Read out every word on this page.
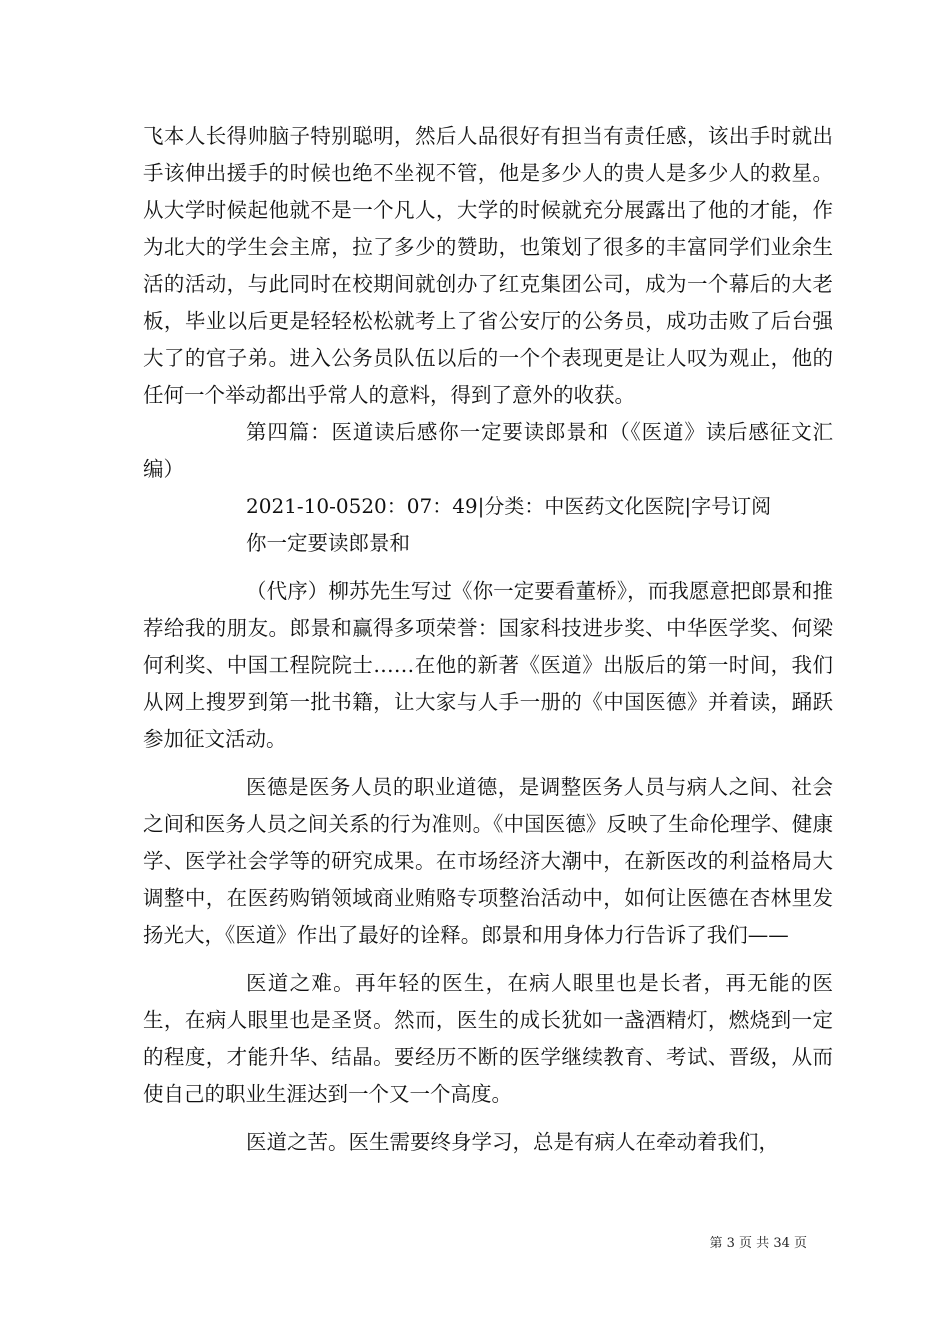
飞本人长得帅脑子特别聪明，然后人品很好有担当有责任感，该出手时就出手该伸出援手的时候也绝不坐视不管，他是多少人的贵人是多少人的救星。从大学时候起他就不是一个凡人，大学的时候就充分展露出了他的才能，作为北大的学生会主席，拉了多少的赞助，也策划了很多的丰富同学们业余生活的活动，与此同时在校期间就创办了红克集团公司，成为一个幕后的大老板，毕业以后更是轻轻松松就考上了省公安厅的公务员，成功击败了后台强大了的官子弟。进入公务员队伍以后的一个个表现更是让人叹为观止，他的任何一个举动都出乎常人的意料，得到了意外的收获。

第四篇：医道读后感你一定要读郎景和（《医道》读后感征文汇编）

2021-10-0520：07：49|分类：中医药文化医院|字号订阅

你一定要读郎景和

（代序）柳苏先生写过《你一定要看董桥》，而我愿意把郎景和推荐给我的朋友。郎景和赢得多项荣誉：国家科技进步奖、中华医学奖、何梁何利奖、中国工程院院士……在他的新著《医道》出版后的第一时间，我们从网上搜罗到第一批书籍，让大家与人手一册的《中国医德》并着读，踊跃参加征文活动。

医德是医务人员的职业道德，是调整医务人员与病人之间、社会之间和医务人员之间关系的行为准则。《中国医德》反映了生命伦理学、健康学、医学社会学等的研究成果。在市场经济大潮中，在新医改的利益格局大调整中，在医药购销领域商业贿赂专项整治活动中，如何让医德在杏林里发扬光大，《医道》作出了最好的诠释。郎景和用身体力行告诉了我们——

医道之难。再年轻的医生，在病人眼里也是长者，再无能的医生，在病人眼里也是圣贤。然而，医生的成长犹如一盏酒精灯，燃烧到一定的程度，才能升华、结晶。要经历不断的医学继续教育、考试、晋级，从而使自己的职业生涯达到一个又一个高度。

医道之苦。医生需要终身学习，总是有病人在牵动着我们，

第 3 页 共 34 页
